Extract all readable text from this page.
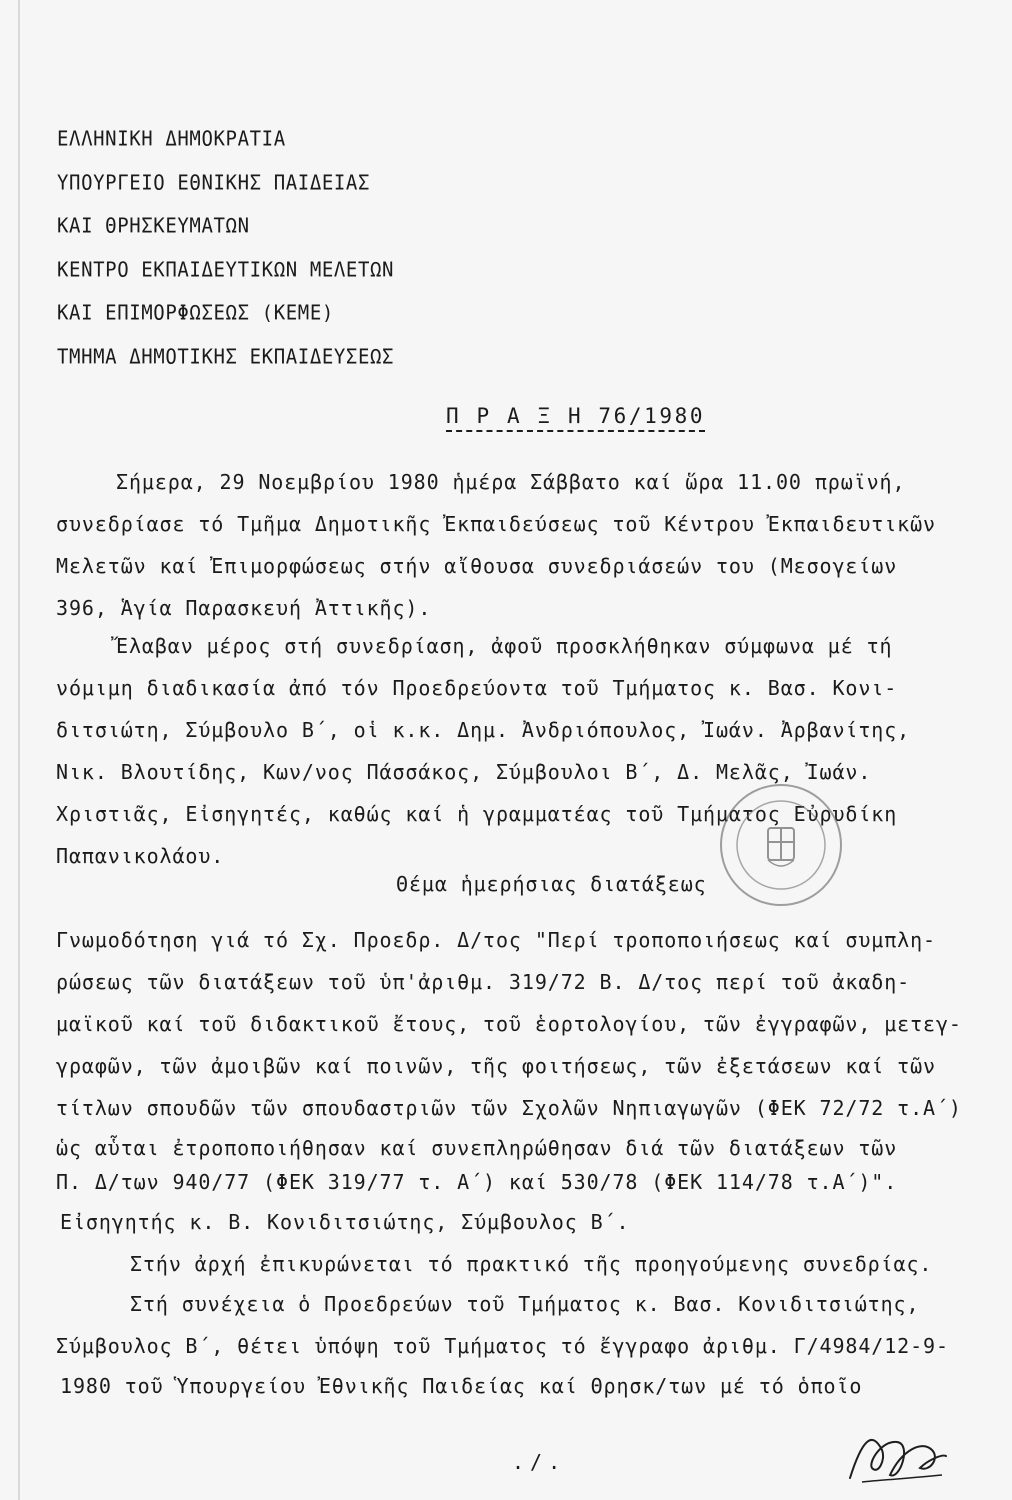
ΕΛΛΗΝΙΚΗ ΔΗΜΟΚΡΑΤΙΑ
ΥΠΟΥΡΓΕΙΟ ΕΘΝΙΚΗΣ ΠΑΙΔΕΙΑΣ
ΚΑΙ ΘΡΗΣΚΕΥΜΑΤΩΝ
ΚΕΝΤΡΟ ΕΚΠΑΙΔΕΥΤΙΚΩΝ ΜΕΛΕΤΩΝ
ΚΑΙ ΕΠΙΜΟΡΦΩΣΕΩΣ (ΚΕΜΕ)
ΤΜΗΜΑ ΔΗΜΟΤΙΚΗΣ ΕΚΠΑΙΔΕΥΣΕΩΣ
Π Ρ Α Ξ Η 76/1980
Σήμερα, 29 Νοεμβρίου 1980 ἡμέρα Σάββατο καί ὥρα 11.00 πρωϊνή,
συνεδρίασε τό Τμῆμα Δημοτικῆς Ἐκπαιδεύσεως τοῦ Κέντρου Ἐκπαιδευτικῶν
Μελετῶν καί Ἐπιμορφώσεως στήν αἴθουσα συνεδριάσεών του (Μεσογείων
396, Ἁγία Παρασκευή Ἀττικῆς).
Ἔλαβαν μέρος στή συνεδρίαση, ἀφοῦ προσκλήθηκαν σύμφωνα μέ τή
νόμιμη διαδικασία ἀπό τόν Προεδρεύοντα τοῦ Τμήματος κ. Βασ. Κονι-
διτσιώτη, Σύμβουλο Β΄, οἱ κ.κ. Δημ. Ἀνδριόπουλος, Ἰωάν. Ἀρβανίτης,
Νικ. Βλουτίδης, Κων/νος Πάσσάκος, Σύμβουλοι Β΄, Δ. Μελᾶς, Ἰωάν.
Χριστιᾶς, Εἰσηγητές, καθώς καί ἡ γραμματέας τοῦ Τμήματος Εὐρυδίκη
Παπανικολάου.
Θέμα ἡμερήσιας διατάξεως
Γνωμοδότηση γιά τό Σχ. Προεδρ. Δ/τος "Περί τροποποιήσεως καί συμπλη-
ρώσεως τῶν διατάξεων τοῦ ὑπ'ἀριθμ. 319/72 Β. Δ/τος περί τοῦ ἀκαδη-
μαϊκοῦ καί τοῦ διδακτικοῦ ἔτους, τοῦ ἑορτολογίου, τῶν ἐγγραφῶν, μετεγ-
γραφῶν, τῶν ἀμοιβῶν καί ποινῶν, τῆς φοιτήσεως, τῶν ἐξετάσεων καί τῶν
τίτλων σπουδῶν τῶν σπουδαστριῶν τῶν Σχολῶν Νηπιαγωγῶν (ΦΕΚ 72/72 τ.Α΄)
ὡς αὗται ἐτροποποιήθησαν καί συνεπληρώθησαν διά τῶν διατάξεων τῶν
Π. Δ/των 940/77 (ΦΕΚ 319/77 τ. Α΄) καί 530/78 (ΦΕΚ 114/78 τ.Α΄)".
Εἰσηγητής κ. Β. Κονιδιτσιώτης, Σύμβουλος Β΄.
Στήν ἀρχή ἐπικυρώνεται τό πρακτικό τῆς προηγούμενης συνεδρίας.
Στή συνέχεια ὁ Προεδρεύων τοῦ Τμήματος κ. Βασ. Κονιδιτσιώτης,
Σύμβουλος Β΄, θέτει ὑπόψη τοῦ Τμήματος τό ἔγγραφο ἀριθμ. Γ/4984/12-9-
1980 τοῦ Ὑπουργείου Ἐθνικῆς Παιδείας καί Θρησκ/των μέ τό ὁποῖο
./.
